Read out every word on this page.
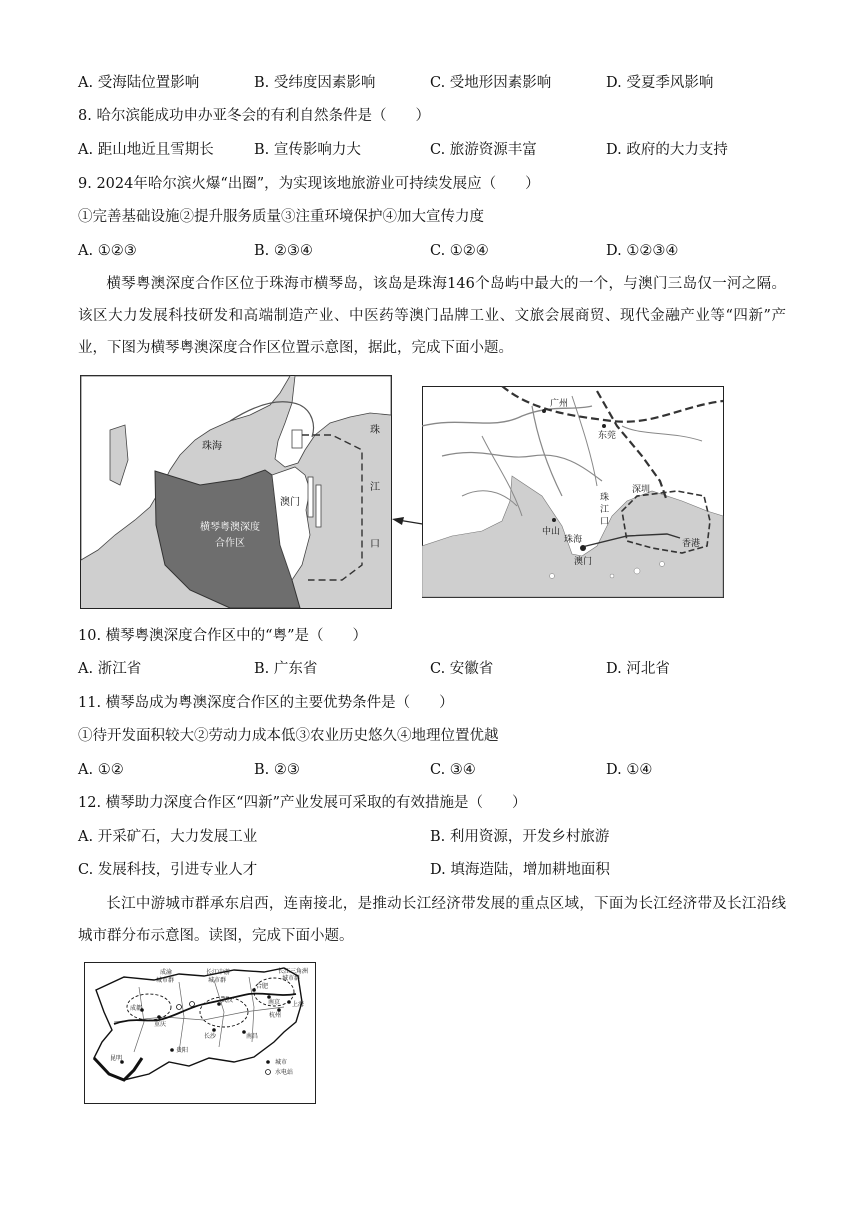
A. 受海陆位置影响	B. 受纬度因素影响	C. 受地形因素影响	D. 受夏季风影响
8. 哈尔滨能成功申办亚冬会的有利自然条件是（　　）
A. 距山地近且雪期长	B. 宣传影响力大	C. 旅游资源丰富	D. 政府的大力支持
9. 2024年哈尔滨火爆“出圈”，为实现该地旅游业可持续发展应（　　）
①完善基础设施②提升服务质量③注重环境保护④加大宣传力度
A. ①②③	B. ②③④	C. ①②④	D. ①②③④
横琴粤澳深度合作区位于珠海市横琴岛，该岛是珠海146个岛屿中最大的一个，与澳门三岛仅一河之隔。该区大力发展科技研发和高端制造产业、中医药等澳门品牌工业、文旅会展商贸、现代金融产业等“四新”产业，下图为横琴粤澳深度合作区位置示意图，据此，完成下面小题。
珠海
横琴粤澳深度
合作区
澳门
珠
江
口
广州
东莞
深圳
中山
珠
江
口
珠海
澳门
香港
10. 横琴粤澳深度合作区中的“粤”是（　　）
A. 浙江省	B. 广东省	C. 安徽省	D. 河北省
11. 横琴岛成为粤澳深度合作区的主要优势条件是（　　）
①待开发面积较大②劳动力成本低③农业历史悠久④地理位置优越
A. ①②	B. ②③	C. ③④	D. ①④
12. 横琴助力深度合作区“四新”产业发展可采取的有效措施是（　　）
A. 开采矿石，大力发展工业	B. 利用资源，开发乡村旅游
C. 发展科技，引进专业人才	D. 填海造陆，增加耕地面积
长江中游城市群承东启西，连南接北，是推动长江经济带发展的重点区域，下面为长江经济带及长江沿线城市群分布示意图。读图，完成下面小题。
成渝
城市群
长江中游
城市群
长江三角洲
城市群
成都
重庆
武汉
合肥
南京
杭州
上海
长沙	南昌
贵阳
昆明
城市
水电站
